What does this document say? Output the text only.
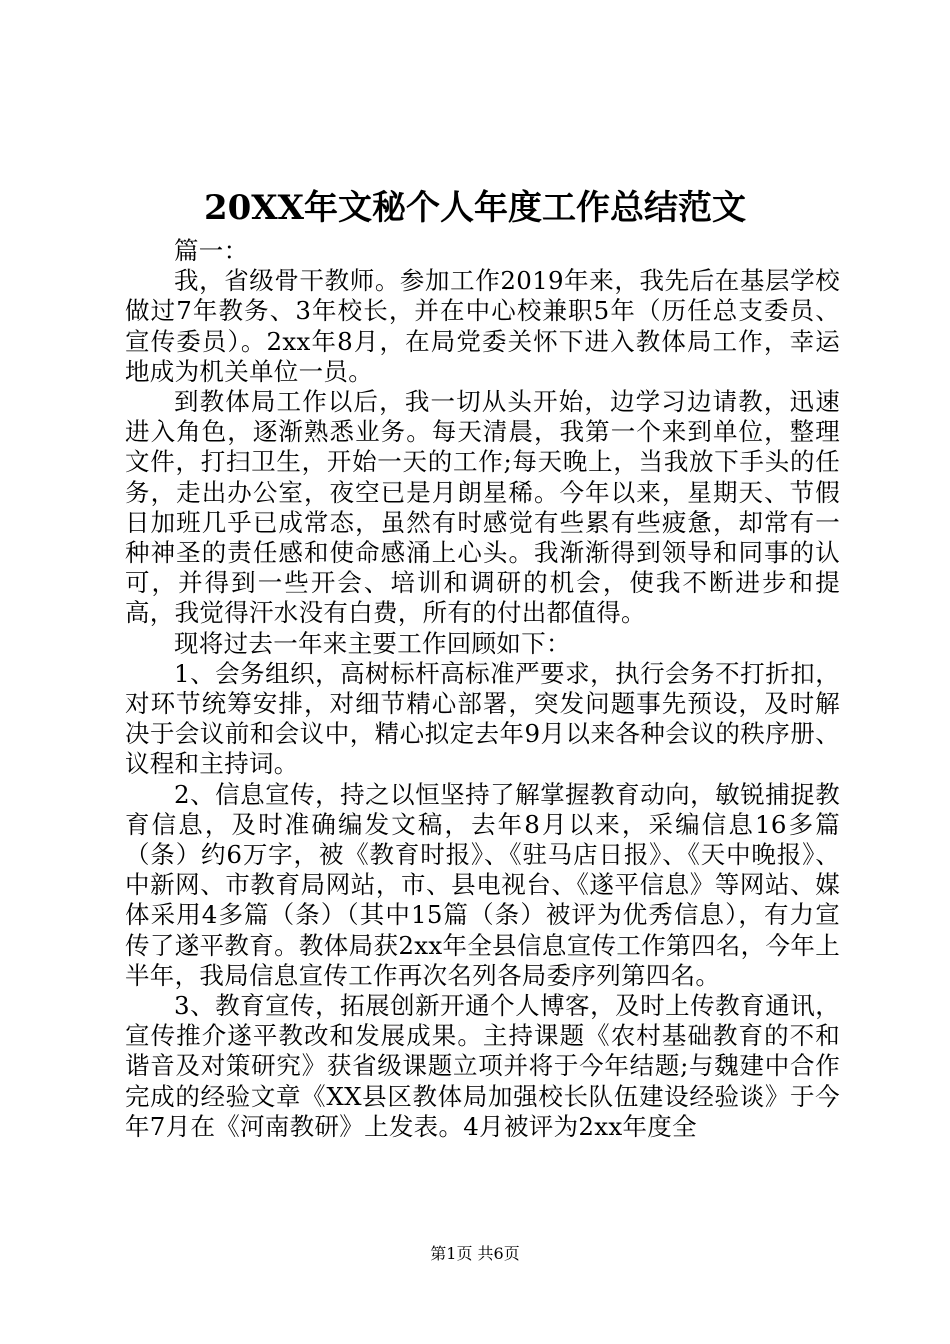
20XX年文秘个人年度工作总结范文

篇一：

我，省级骨干教师。参加工作2019年来，我先后在基层学校做过7年教务、3年校长，并在中心校兼职5年（历任总支委员、宣传委员）。2xx年8月，在局党委关怀下进入教体局工作，幸运地成为机关单位一员。

到教体局工作以后，我一切从头开始，边学习边请教，迅速进入角色，逐渐熟悉业务。每天清晨，我第一个来到单位，整理文件，打扫卫生，开始一天的工作;每天晚上，当我放下手头的任务，走出办公室，夜空已是月朗星稀。今年以来，星期天、节假日加班几乎已成常态，虽然有时感觉有些累有些疲惫，却常有一种神圣的责任感和使命感涌上心头。我渐渐得到领导和同事的认可，并得到一些开会、培训和调研的机会，使我不断进步和提高，我觉得汗水没有白费，所有的付出都值得。

现将过去一年来主要工作回顾如下：

1、会务组织，高树标杆高标准严要求，执行会务不打折扣，对环节统筹安排，对细节精心部署，突发问题事先预设，及时解决于会议前和会议中，精心拟定去年9月以来各种会议的秩序册、议程和主持词。

2、信息宣传，持之以恒坚持了解掌握教育动向，敏锐捕捉教育信息，及时准确编发文稿，去年8月以来，采编信息16多篇（条）约6万字，被《教育时报》、《驻马店日报》、《天中晚报》、中新网、市教育局网站，市、县电视台、《遂平信息》等网站、媒体采用4多篇（条）（其中15篇（条）被评为优秀信息），有力宣传了遂平教育。教体局获2xx年全县信息宣传工作第四名，今年上半年，我局信息宣传工作再次名列各局委序列第四名。

3、教育宣传，拓展创新开通个人博客，及时上传教育通讯，宣传推介遂平教改和发展成果。主持课题《农村基础教育的不和谐音及对策研究》获省级课题立项并将于今年结题;与魏建中合作完成的经验文章《XX县区教体局加强校长队伍建设经验谈》于今年7月在《河南教研》上发表。4月被评为2xx年度全

第1页 共6页
